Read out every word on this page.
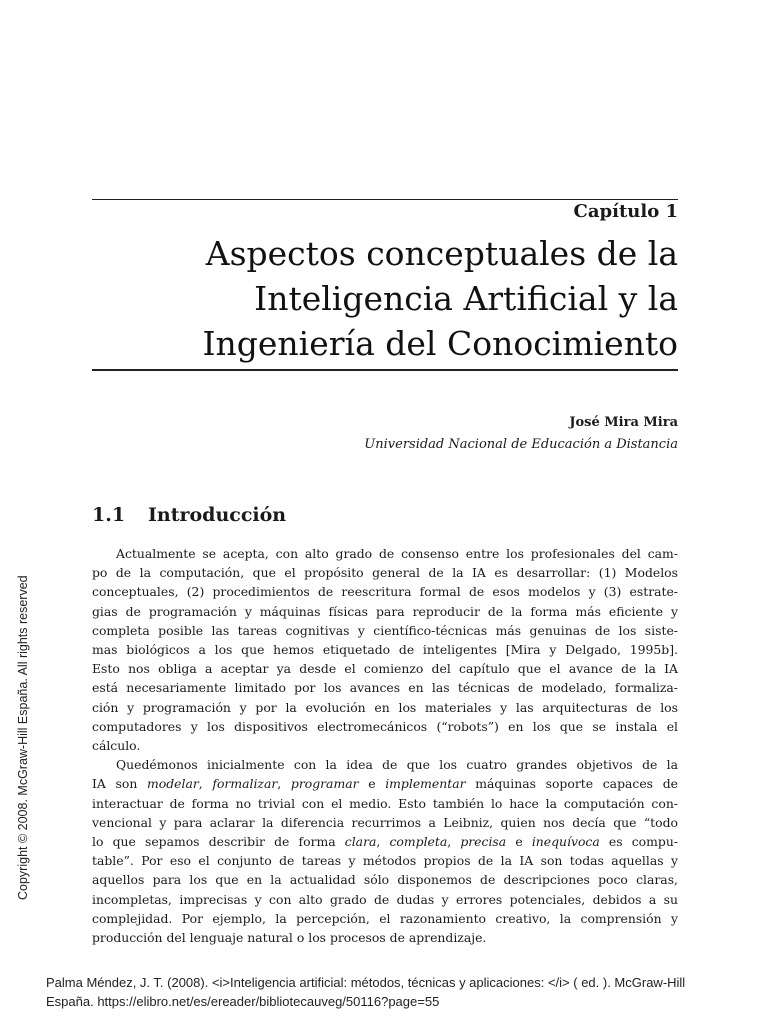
Capítulo 1
Aspectos conceptuales de la
Inteligencia Artificial y la
Ingeniería del Conocimiento
José Mira Mira
Universidad Nacional de Educación a Distancia
1.1 Introducción
Actualmente se acepta, con alto grado de consenso entre los profesionales del cam-
po de la computación, que el propósito general de la IA es desarrollar: (1) Modelos
conceptuales, (2) procedimientos de reescritura formal de esos modelos y (3) estrate-
gias de programación y máquinas físicas para reproducir de la forma más eficiente y
completa posible las tareas cognitivas y científico-técnicas más genuinas de los siste-
mas biológicos a los que hemos etiquetado de inteligentes [Mira y Delgado, 1995b].
Esto nos obliga a aceptar ya desde el comienzo del capítulo que el avance de la IA
está necesariamente limitado por los avances en las técnicas de modelado, formaliza-
ción y programación y por la evolución en los materiales y las arquitecturas de los
computadores y los dispositivos electromecánicos (“robots”) en los que se instala el
cálculo.
Quedémonos inicialmente con la idea de que los cuatro grandes objetivos de la
IA son modelar, formalizar, programar e implementar máquinas soporte capaces de
interactuar de forma no trivial con el medio. Esto también lo hace la computación con-
vencional y para aclarar la diferencia recurrimos a Leibniz, quien nos decía que “todo
lo que sepamos describir de forma clara, completa, precisa e inequívoca es compu-
table”. Por eso el conjunto de tareas y métodos propios de la IA son todas aquellas y
aquellos para los que en la actualidad sólo disponemos de descripciones poco claras,
incompletas, imprecisas y con alto grado de dudas y errores potenciales, debidos a su
complejidad. Por ejemplo, la percepción, el razonamiento creativo, la comprensión y
producción del lenguaje natural o los procesos de aprendizaje.
Copyright © 2008. McGraw-Hill España. All rights reserved
Palma Méndez, J. T. (2008). <i>Inteligencia artificial: métodos, técnicas y aplicaciones: </i> ( ed. ). McGraw-Hill España. https://elibro.net/es/ereader/bibliotecauveg/50116?page=55
